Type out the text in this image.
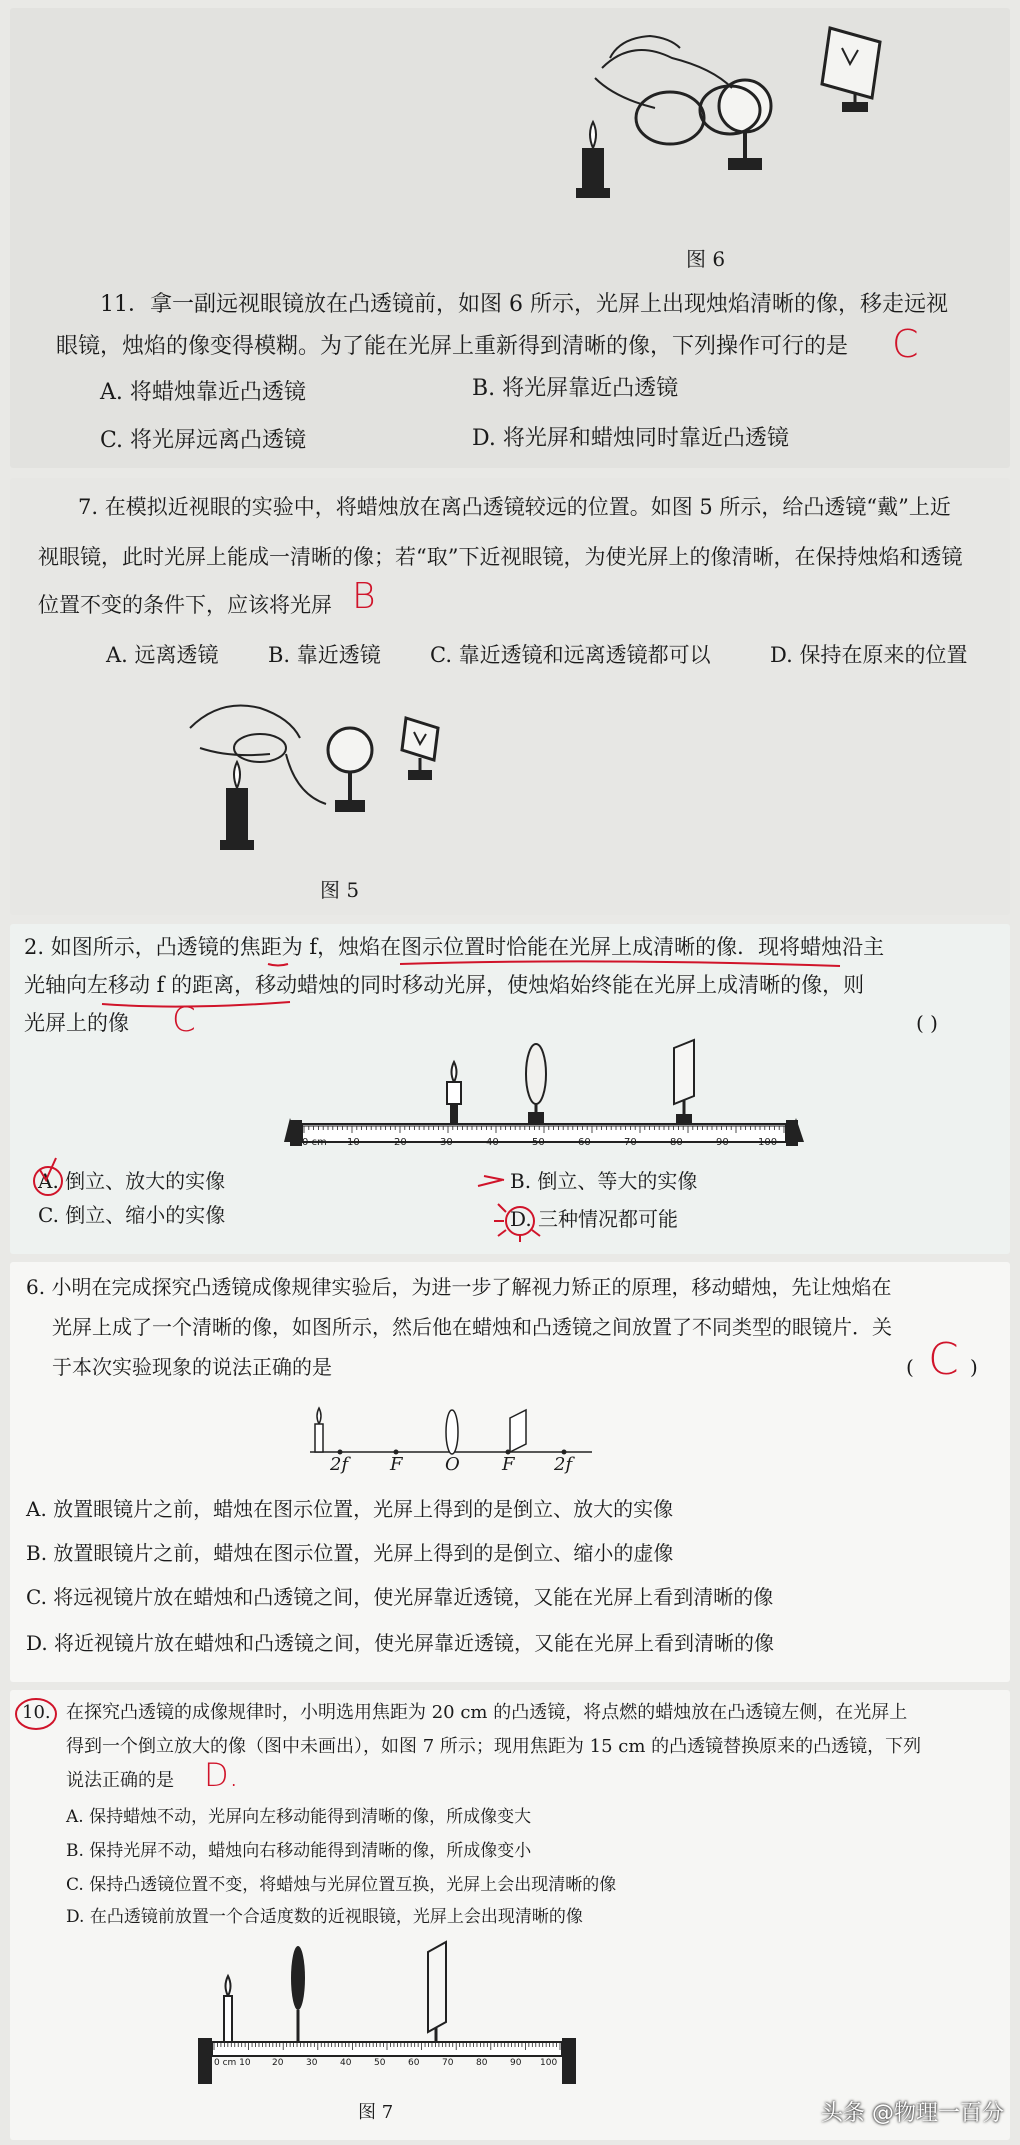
图 6
11．拿一副远视眼镜放在凸透镜前，如图 6 所示，光屏上出现烛焰清晰的像，移走远视
眼镜，烛焰的像变得模糊。为了能在光屏上重新得到清晰的像，下列操作可行的是 C
A. 将蜡烛靠近凸透镜	B. 将光屏靠近凸透镜
C. 将光屏远离凸透镜	D. 将光屏和蜡烛同时靠近凸透镜
7. 在模拟近视眼的实验中，将蜡烛放在离凸透镜较远的位置。如图 5 所示，给凸透镜“戴”上近
视眼镜，此时光屏上能成一清晰的像；若“取”下近视眼镜，为使光屏上的像清晰，在保持烛焰和透镜
位置不变的条件下，应该将光屏 B
A. 远离透镜 B. 靠近透镜 C. 靠近透镜和远离透镜都可以	D. 保持在原来的位置
图 5
2. 如图所示，凸透镜的焦距为 f，烛焰在图示位置时恰能在光屏上成清晰的像．现将蜡烛沿主
光轴向左移动 f 的距离，移动蜡烛的同时移动光屏，使烛焰始终能在光屏上成清晰的像，则
光屏上的像 C	( )
0 cm 10	20	30	40	50	60	70	80	90	100
A. 倒立、放大的实像	B. 倒立、等大的实像
C. 倒立、缩小的实像	D. 三种情况都可能
6. 小明在完成探究凸透镜成像规律实验后，为进一步了解视力矫正的原理，移动蜡烛，先让烛焰在
光屏上成了一个清晰的像，如图所示，然后他在蜡烛和凸透镜之间放置了不同类型的眼镜片．关
于本次实验现象的说法正确的是	( C )
2f F O F 2f
A. 放置眼镜片之前，蜡烛在图示位置，光屏上得到的是倒立、放大的实像
B. 放置眼镜片之前，蜡烛在图示位置，光屏上得到的是倒立、缩小的虚像
C. 将远视镜片放在蜡烛和凸透镜之间，使光屏靠近透镜，又能在光屏上看到清晰的像
D. 将近视镜片放在蜡烛和凸透镜之间，使光屏靠近透镜，又能在光屏上看到清晰的像
10. 在探究凸透镜的成像规律时，小明选用焦距为 20 cm 的凸透镜，将点燃的蜡烛放在凸透镜左侧，在光屏上
得到一个倒立放大的像（图中未画出），如图 7 所示；现用焦距为 15 cm 的凸透镜替换原来的凸透镜，下列
说法正确的是 D.
A. 保持蜡烛不动，光屏向左移动能得到清晰的像，所成像变大
B. 保持光屏不动，蜡烛向右移动能得到清晰的像，所成像变小
C. 保持凸透镜位置不变，将蜡烛与光屏位置互换，光屏上会出现清晰的像
D. 在凸透镜前放置一个合适度数的近视眼镜，光屏上会出现清晰的像
0 cm 10 20	30	40	50	60	70	80	90 100
图 7	头条 @物理一百分
